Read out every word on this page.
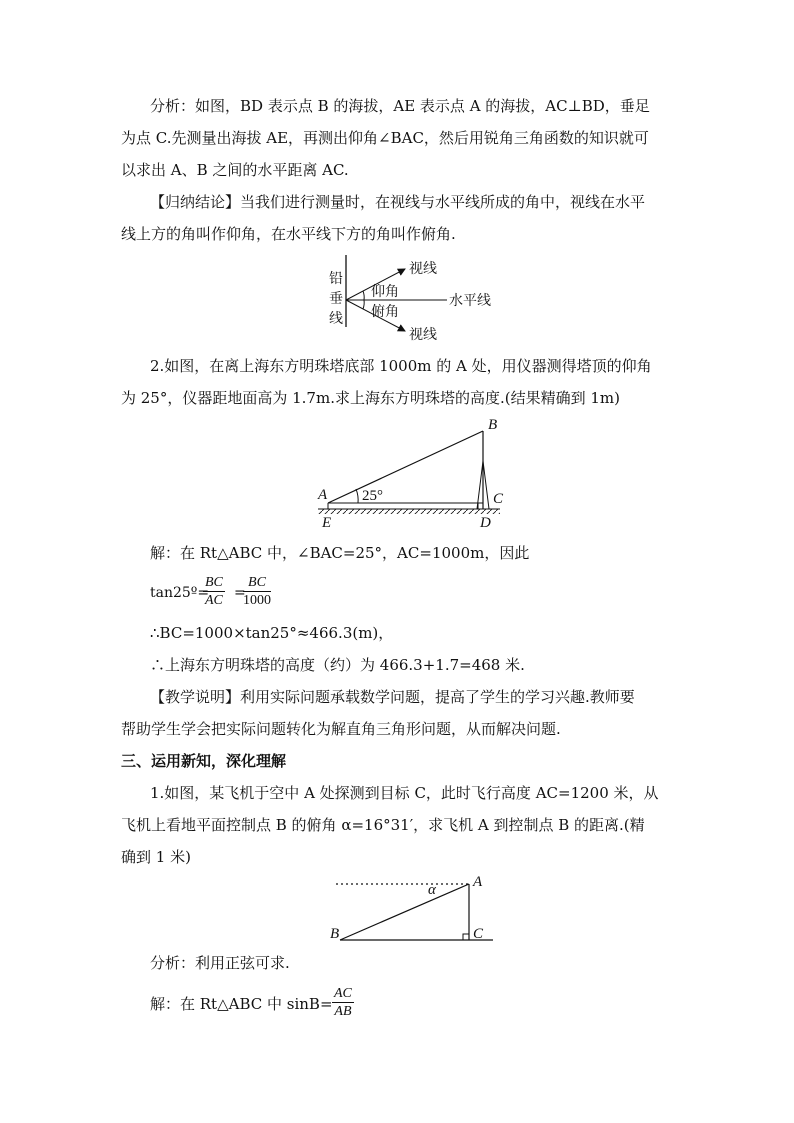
分析：如图，BD 表示点 B 的海拔，AE 表示点 A 的海拔，AC⊥BD，垂足
为点 C.先测量出海拔 AE，再测出仰角∠BAC，然后用锐角三角函数的知识就可
以求出 A、B 之间的水平距离 AC.
【归纳结论】当我们进行测量时，在视线与水平线所成的角中，视线在水平
线上方的角叫作仰角，在水平线下方的角叫作俯角.
铅
垂
线
视线
仰角
水平线
俯角
视线
2.如图，在离上海东方明珠塔底部 1000m 的 A 处，用仪器测得塔顶的仰角
为 25°，仪器距地面高为 1.7m.求上海东方明珠塔的高度.(结果精确到 1m)
A
B
C
D
E
25°
解：在 Rt△ABC 中，∠BAC=25°，AC=1000m，因此
tan25º=
$\frac{BC}{AC}$ =
$\frac{BC}{1000}$
∴BC=1000×tan25°≈466.3(m)，
∴上海东方明珠塔的高度（约）为 466.3+1.7=468 米.
【教学说明】利用实际问题承载数学问题，提高了学生的学习兴趣.教师要
帮助学生学会把实际问题转化为解直角三角形问题，从而解决问题.
三、运用新知，深化理解
1.如图，某飞机于空中 A 处探测到目标 C，此时飞行高度 AC=1200 米，从
飞机上看地平面控制点 B 的俯角 α=16°31′，求飞机 A 到控制点 B 的距离.(精
确到 1 米)
α A
B	C
分析：利用正弦可求.
解：在 Rt△ABC 中 $\sin B= \frac{AC}{AB}$
